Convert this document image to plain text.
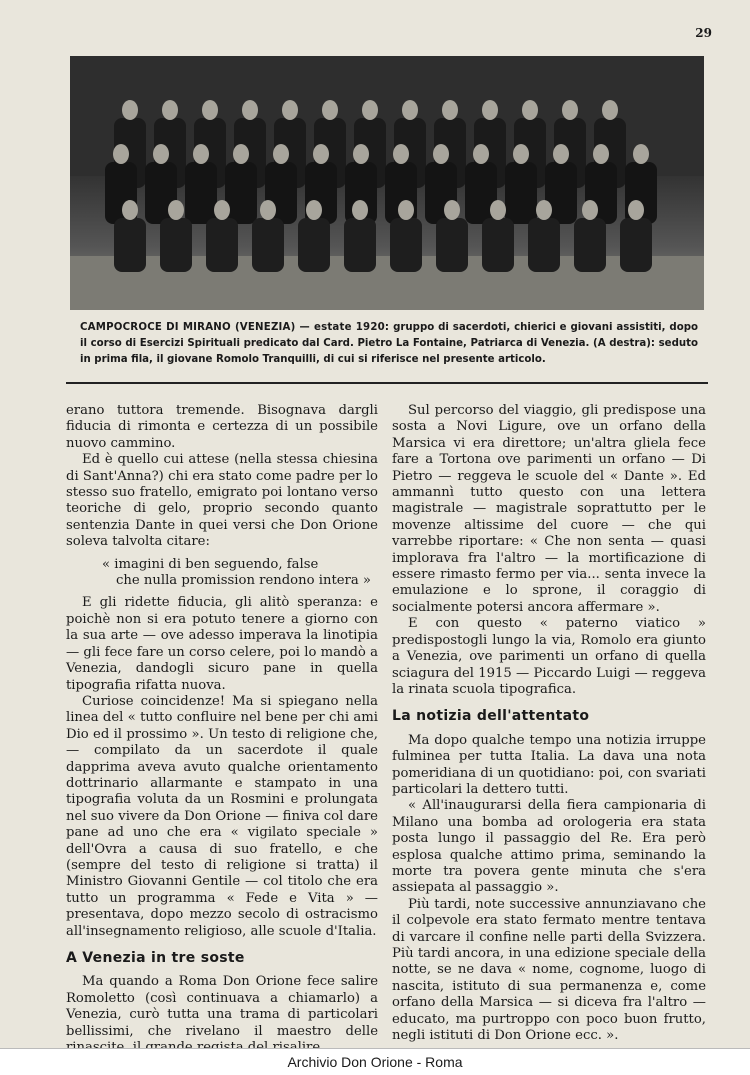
29
CAMPOCROCE DI MIRANO (VENEZIA) — estate 1920: gruppo di sacerdoti, chierici e giovani assistiti, dopo il corso di Esercizi Spirituali predicato dal Card. Pietro La Fontaine, Patriarca di Venezia. (A destra): seduto in prima fila, il giovane Romolo Tranquilli, di cui si riferisce nel presente articolo.

erano tuttora tremende. Bisognava dargli fiducia di rimonta e certezza di un possibile nuovo cammino.

Ed è quello cui attese (nella stessa chiesina di Sant'Anna?) chi era stato come padre per lo stesso suo fratello, emigrato poi lontano verso teoriche di gelo, proprio secondo quanto sentenzia Dante in quei versi che Don Orione soleva talvolta citare:

« imagini di ben seguendo, false
che nulla promission rendono intera »

E gli ridette fiducia, gli alitò speranza: e poichè non si era potuto tenere a giorno con la sua arte — ove adesso imperava la linotipia — gli fece fare un corso celere, poi lo mandò a Venezia, dandogli sicuro pane in quella tipografia rifatta nuova.

Curiose coincidenze! Ma si spiegano nella linea del « tutto confluire nel bene per chi ami Dio ed il prossimo ». Un testo di religione che, — compilato da un sacerdote il quale dapprima aveva avuto qualche orientamento dottrinario allarmante e stampato in una tipografia voluta da un Rosmini e prolungata nel suo vivere da Don Orione — finiva col dare pane ad uno che era « vigilato speciale » dell'Ovra a causa di suo fratello, e che (sempre del testo di religione si tratta) il Ministro Giovanni Gentile — col titolo che era tutto un programma « Fede e Vita » — presentava, dopo mezzo secolo di ostracismo all'insegnamento religioso, alle scuole d'Italia.

A Venezia in tre soste

Ma quando a Roma Don Orione fece salire Romoletto (così continuava a chiamarlo) a Venezia, curò tutta una trama di particolari bellissimi, che rivelano il maestro delle

Sul percorso del viaggio, gli predispose una sosta a Novi Ligure, ove un orfano della Marsica vi era direttore; un'altra gliela fece fare a Tortona ove parimenti un orfano — Di Pietro — reggeva le scuole del « Dante ». Ed ammannì tutto questo con una lettera magistrale — magistrale soprattutto per le movenze altissime del cuore — che qui varrebbe riportare: « Che non senta — quasi implorava fra l'altro — la mortificazione di essere rimasto fermo per via... senta invece la emulazione e lo sprone, il coraggio di socialmente potersi ancora affermare ».

E con questo « paterno viatico » predispostogli lungo la via, Romolo era giunto a Venezia, ove parimenti un orfano di quella sciagura del 1915 — Piccardo Luigi — reggeva la rinata scuola tipografica.

La notizia dell'attentato

Ma dopo qualche tempo una notizia irruppe fulminea per tutta Italia. La dava una nota pomeridiana di un quotidiano: poi, con svariati particolari la dettero tutti.

« All'inaugurarsi della fiera campionaria di Milano una bomba ad orologeria era stata posta lungo il passaggio del Re. Era però esplosa qualche attimo prima, seminando la morte tra povera gente minuta che s'era assiepata al passaggio ».

Più tardi, note successive annunziavano che il colpevole era stato fermato mentre tentava di varcare il confine nelle parti della Svizzera. Più tardi ancora, in una edizione speciale della notte, se ne dava « nome, cognome, luogo di nascita, istituto di sua permanenza e, come orfano della Marsica — si diceva fra l'altro — educato, ma purtroppo con poco buon frutto, negli istituti di Don Orione ecc. ».

Archivio Don Orione - Roma
